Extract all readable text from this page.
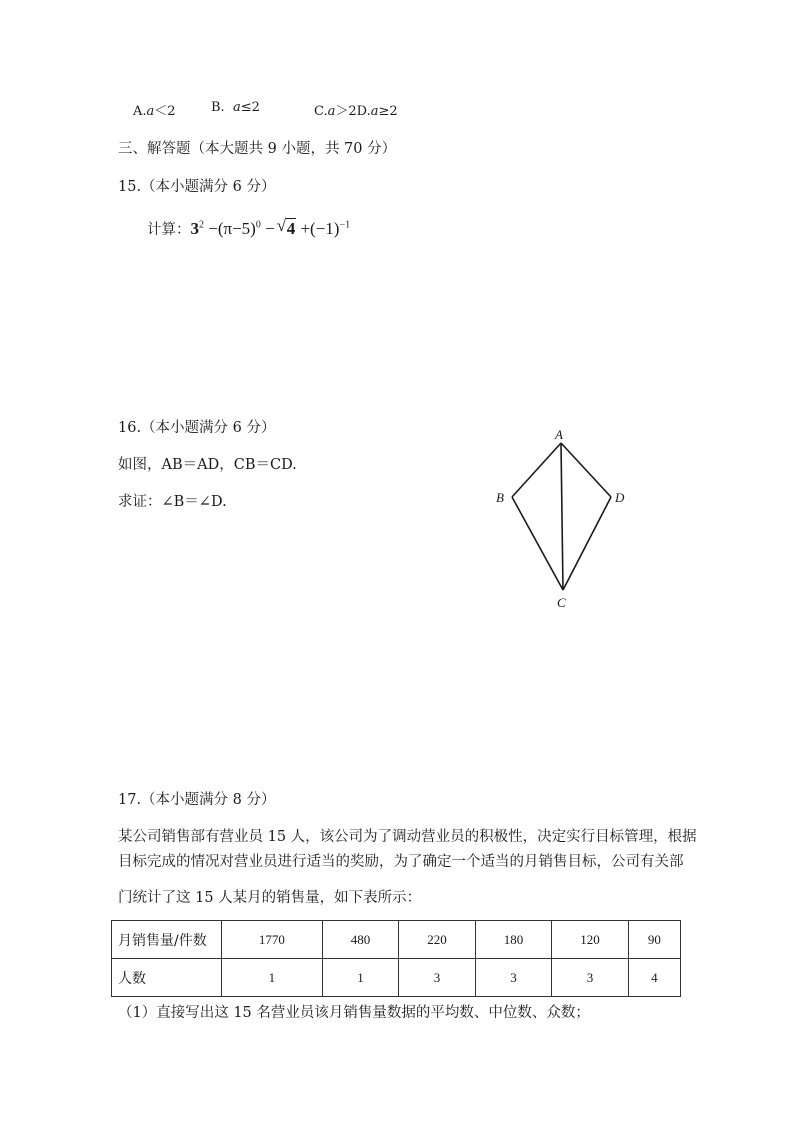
A.a＜2	B. a≤2	C.a＞2D.a≥2
三、解答题（本大题共 9 小题，共 70 分）
15.（本小题满分 6 分）
计算：$3^2 -(\pi-5)^0$ − √ $4 +(-1)^{-1}$
16.（本小题满分 6 分）
如图，AB＝AD，CB＝CD.
求证：∠B＝∠D.
A
B	D
C
17.（本小题满分 8 分）
某公司销售部有营业员 15 人，该公司为了调动营业员的积极性，决定实行目标管理，根据
目标完成的情况对营业员进行适当的奖励，为了确定一个适当的月销售目标，公司有关部
门统计了这 15 人某月的销售量，如下表所示：
月销售量/件数	1770	480	220	180	120	90
人数	1	1	3	3	3	4
（1）直接写出这 15 名营业员该月销售量数据的平均数、中位数、众数；
